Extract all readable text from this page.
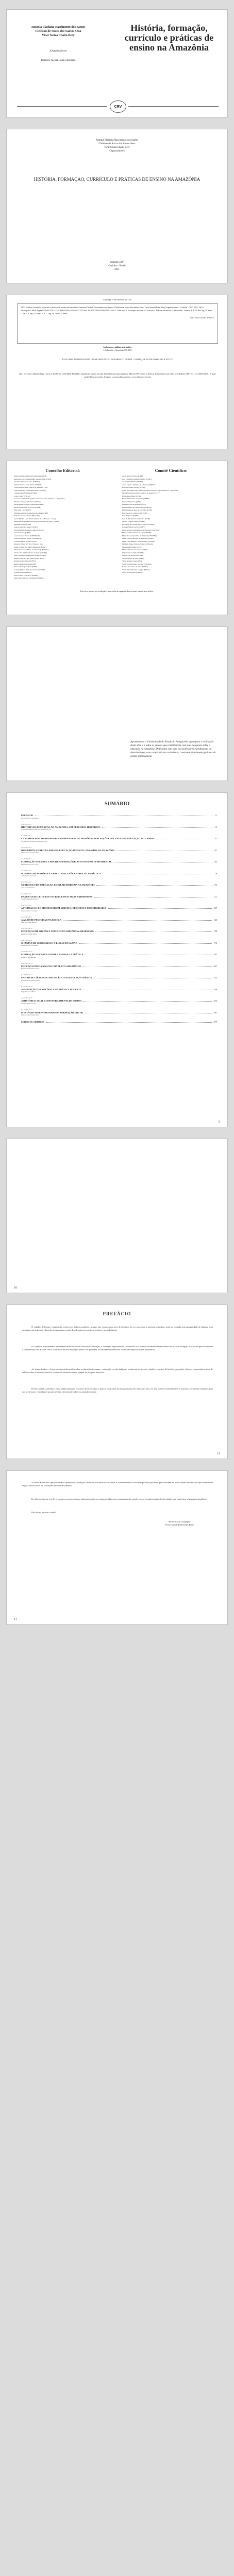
Antonia Fladiana Nascimento dos Santos
Cleidson de Souza dos Santos Sena
Vicar Souza Chaim Bery
(Organizadores)
Prefácio: Alexsa Costa Guzengão
História, formação, currículo e práticas de ensino na Amazônia
CRV
Antonia Fladiana Nascimento dos Santos
Cleidson de Souza dos Santos Sena
Vicar Souza Chaim Bery
(Organizadores)
HISTÓRIA, FORMAÇÃO, CURRÍCULO E PRÁTICAS DE ENSINO NA AMAZÔNIA
Editora CRV
Curitiba – Brasil
2021
Copyright © da Editora CRV Ltda.
H673 História, formação, currículo e práticas de ensino na Amazônia / Antonia Fladiana Nascimento dos Santos, Cleidson de Souza dos Santos Sena, Vicar Souza Chaim Bery (organizadores) – Curitiba : CRV, 2021. 282 p. Bibliografia. ISBN Digital 978-65-251-1153-5. ISBN Físico 978-65-251-1156-6. DOI 10.24824/978652511156.6. 1. Educação 2. Formação docente 3. Currículo 4. Práticas de ensino 5. Amazônia I. Santos, A. F. N. dos. org. II. Sena, C. de S. S. org. III. Bery, V. S. C. org. IV. Título V. Série.
CDU 37(811) CDD 370.9811
Índice para catálogo sistemático
1. Educação – Amazônia 370.9811
ESTA OBRA TAMBÉM ENCONTRA-SE DISPONÍVEL EM FORMATO DIGITAL. CONHEÇA E BAIXE NOSSO APLICATIVO!
2021 Foi feito o depósito legal conf. Lei 10.994 de 14/12/2004. Proibida a reprodução parcial ou total desta obra sem autorização da Editora CRV. Todos os direitos desta edição reservados pela: Editora CRV. Tel.: (41) 3039-6418 – E-mail: sac@editoracrv.com.br. Conheça os nossos lançamentos: www.editoracrv.com.br
Conselho Editorial:
Aldira Guimarães Duarte Domínguez (UNB)
Andréia da Silva Quintanilha Sousa (UNIR/UFRN)
Anselmo Alencar Colares (UFOPA)
Antônio Pereira Gaio Júnior (UFRRJ)
Carlos Alberto Vilar Estêvão (UMINHO – PT)
Carlos Federico Dominguez Avila (Unieuro)
Carmen Tereza Velanga (UNIR)
Celso Conti (UFSCar)
Cesar Gerónimo Tello (Univer. Nacional Três de Febrero – Argentina)
Eduardo Fernandes Barbosa (UFMG)
Elione Maria Nogueira Diogenes (UFAL)
Elizeu Clementino de Souza (UNEB)
Élsio José Corá (UFFS)
Fernando Antônio Gonçalves Alcoforado (IPB)
Francisco Carlos Duarte (PUC-PR)
Gloria Fariñas León (Universidade de La Havana – Cuba)
Guillermo Arias Beatón (Universidade de La Havana – Cuba)
Helmuth Krüger (UCP)
Jailson Alves dos Santos (UFRJ)
João Adalberto Campato Junior (UNESP)
Josania Portela (UFPI)
Leonel Severo Rocha (UNISINOS)
Lídia de Oliveira Xavier (UNIEURO)
Lourdes Helena da Silva (UFV)
Marcelo Paixão (UFRJ e UTexas – US)
Maria Cristina dos Santos Bezerra (UFSCar)
Maria de Lourdes Pinto de Almeida (UNOESC)
Maria Lília Imbiriba Sousa Colares (UFOPA)
Paulo Romualdo Hernandes (UNIFAL-MG)
Renato Francisco dos Santos Paula (UFG)
Rodrigo Pratte-Santos (UFES)
Sergio Nunes de Jesus (IFRO)
Simone Rodrigues Pinto (UNB)
Solange Helena Ximenes-Rocha (UFOPA)
Sydione Santos (UEPG)
Tadeu Oliver Gonçalves (UFPA)
Tania Suely Azevedo Brasileiro (UFOPA)
Comitê Científico:
Altair Alberto Fávero (UPF)
Ana Chrystina Venancio Mignot (UERJ)
Andréia N. Militão (UEMS)
Anna Augusta Sampaio de Oliveira (UNESP)
Barbara Coelho Neves (UFBA)
Cesar Gerónimo Tello (Universidad Nacional de Três de Febrero – Argentina)
Diosnel Centurion (Univ Americ. de Asunción – Py)
Eliane Rose Maio (UEM)
Elizeu Clementino de Souza (UNEB)
Fauston Negreiros (UFPI)
Francisco Ari de Andrade (UFC)
Gláucia Maria dos Santos Jorge (UFOP)
Helder Buenos Aires de Carvalho (UFPI)
Ilma Passos A. Veiga (UNICEUB)
Inês Bragança (UERJ)
José de Ribamar Sousa Pereira (UCB)
Jussara Fraga Portugal (UNEB)
Kilwangy Kya Kapitango-a-Samba (Unemat)
Lourdes Helena da Silva (UFV)
Lucia Marisy Souza Ribeiro de Oliveira (UNIVASF)
Marcos Vinicius Francisco (UNOESTE)
Maria de Lourdes Pinto de Almeida (UNOESC)
Maria Eurácia Barreto de Andrade (UFRB)
Maria Lília Imbiriba Sousa Colares (UFOPA)
Míghian Danae Ferreira Nunes (UNILAB)
Mohammed Elhajji (UFRJ)
Mônica Pereira dos Santos (UFRJ)
Najela Tavares Ujiie (UTFPR)
Nilson José Machado (USP)
Sérgio Nunes de Jesus (IFRO)
Silvia Regina Canan (URI)
Sonia Maria Ferreira Koehler (UNISAL)
Suzana dos Santos Gomes (UFMG)
Vânia Alves Martins Chaigar (FURG)
Vera Lucia Gaspar (UDESC)
Este livro passou por avaliação e aprovação às cegas de dois ou mais pareceristas ad hoc.
Agradecemos a Universidade do Estado do Amapá pelo apoio para a realização desta obra e a todos os autores que contribuíram com suas pesquisas sobre a educação na Amazônia. Dedicamos este livro aos professores e professoras da Amazônia que, com compromisso e resistência, constroem diariamente práticas de ensino significativas.
SUMÁRIO
PREFÁCIO	11
Alexsa Costa Guzengão
CAPÍTULO 1
HISTÓRIA DA EDUCAÇÃO NA AMAZÔNIA: UM PERCURSO HISTÓRICO	15
Antonia Fladiana Nascimento dos Santos
CAPÍTULO 2
CAMINHOS PERCORRIDOS POR UM PROFESSOR DE HISTÓRIA: PERCEPÇÕES DOCENTES NA EDUCAÇÃO DO CAMPO	31
Cleidson de Souza dos Santos Sena
CAPÍTULO 3
DIRETRIZES CURRICULARES DA EDUCAÇÃO INFANTIL: DESAFIOS NA AMAZÔNIA	47
Vicar Souza Chaim Bery
CAPÍTULO 4
FORMAÇÃO DOCENTE E PRÁTICAS PEDAGÓGICAS NO ENSINO FUNDAMENTAL	63
Maria do Socorro Lima
CAPÍTULO 5
O ENSINO DE HISTÓRIA E A BNCC: REFLEXÕES SOBRE O CURRÍCULO	79
João Paulo Ferreira
CAPÍTULO 6
CURRÍCULO DA EDUCAÇÃO ESCOLAR INDÍGENA NA AMAZÔNIA	95
Ana Lúcia Pereira
CAPÍTULO 7
PRÁTICAS DE LEITURA E ESCRITA EM ESCOLAS RIBEIRINHAS	111
Carlos Eduardo Nunes
CAPÍTULO 8
A FORMAÇÃO DO PROFESSOR EM SERVIÇO: DESAFIOS E POSSIBILIDADES	127
Rosana Silva Cardoso
CAPÍTULO 9
A AÇÃO DE PESQUISAR NA ESCOLA	143
Luiz Henrique Barros
CAPÍTULO 10
EDUCAÇÃO DE JOVENS E ADULTOS NA AMAZÔNIA AMAPAENSE	159
Marta Cristina Sousa
CAPÍTULO 11
O ENSINO DE GEOGRAFIA E O LUGAR DO ALUNO	175
Paulo Roberto Almeida
CAPÍTULO 12
FORMAÇÃO DOCENTE: ENTRE A TEORIA E A PRÁTICA	191
Joana D'Arc Moraes
CAPÍTULO 13
EDUCAÇÃO INCLUSIVA NO CONTEXTO AMAZÔNICO	207
Raimundo Nonato Costa
CAPÍTULO 14
ENSINO DE CIÊNCIAS E MATEMÁTICA NA EDUCAÇÃO BÁSICA	223
Fernanda Oliveira Lopes
CAPÍTULO 15
A MEDIAÇÃO TECNOLÓGICA NA PRÁTICA DOCENTE	239
Rafael Santos Pinto
CAPÍTULO 16
A HISTÓRIA LOCAL COMO FERRAMENTA DE ENSINO	255
Sandra Regina Lima
CAPÍTULO 17
O ESTÁGIO SUPERVISIONADO NA FORMAÇÃO INICIAL	267
Vicar Souza Chaim Bery
SOBRE OS AUTORES	277
9
10
PREFÁCIO
O trabalho de leitura e publicação coletiva em âmbito acadêmico sempre traz consigo uma série de desafios. Ao ser convidada a prefaciar esta obra, senti-me honrada pela oportunidade de dialogar com pesquisas que tratam da educação na Amazônia a partir de diferentes perspectivas teóricas e metodológicas.
Os capítulos aqui reunidos apresentam reflexões sobre a história da educação, a formação de professores, o currículo e as práticas de ensino desenvolvidas em escolas da região. São textos que evidenciam o compromisso dos autores com a construção de uma educação pública de qualidade, socialmente referenciada e atenta às especificidades amazônicas.
Ao longo da obra, o leitor encontrará discussões sobre a educação do campo, a educação escolar indígena, a educação de jovens e adultos, o ensino de história, geografia, ciências e matemática, além de debates sobre a formação inicial e continuada de professores e o papel da pesquisa na escola.
Destaco ainda a relevância desta publicação para os cursos de licenciatura e para os programas de pós-graduação em educação, uma vez que os textos articulam teoria e prática, oferecendo subsídios para que professores e estudantes possam refletir criticamente sobre sua atuação docente.
11
A leitura atenta dos capítulos revela a potência da produção científica realizada na Amazônia e a necessidade de fortalecer políticas públicas que valorizem os profissionais da educação que atuam nesta região, muitas vezes em condições adversas de trabalho.
Por fim, desejo que este livro inspire novas pesquisas e práticas educativas comprometidas com a transformação social e com o reconhecimento da diversidade que caracteriza a Amazônia brasileira.
Boa leitura a todos e todas!
Alexsa Costa Guzengão
Universidade Federal do Pará
12
